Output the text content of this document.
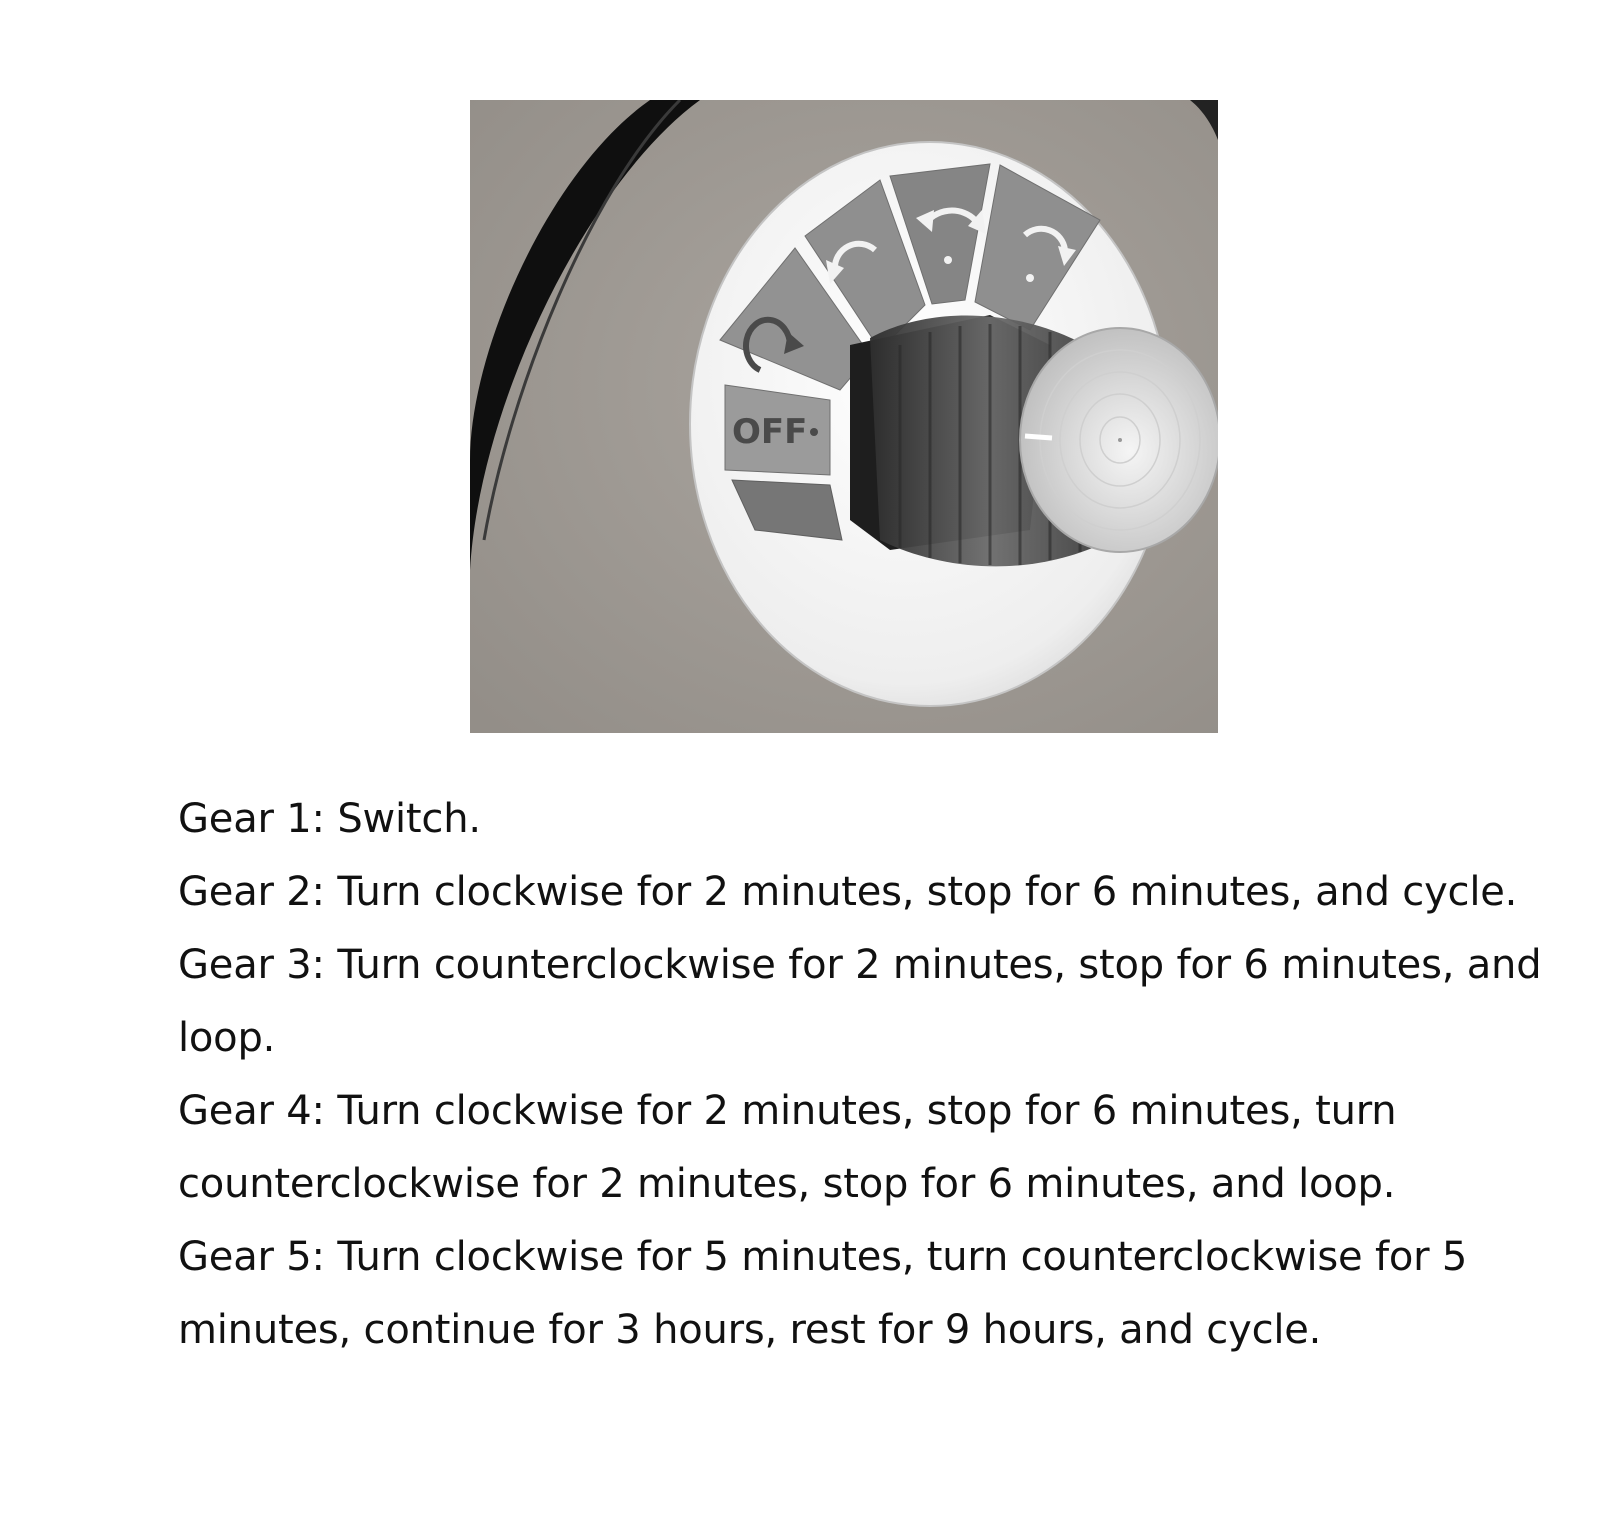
OFF

Gear 1: Switch.

Gear 2: Turn clockwise for 2 minutes, stop for 6 minutes, and cycle.

Gear 3: Turn counterclockwise for 2 minutes, stop for 6 minutes, and loop.

Gear 4: Turn clockwise for 2 minutes, stop for 6 minutes, turn counterclockwise for 2 minutes, stop for 6 minutes, and loop.

Gear 5: Turn clockwise for 5 minutes, turn counterclockwise for 5 minutes, continue for 3 hours, rest for 9 hours, and cycle.
